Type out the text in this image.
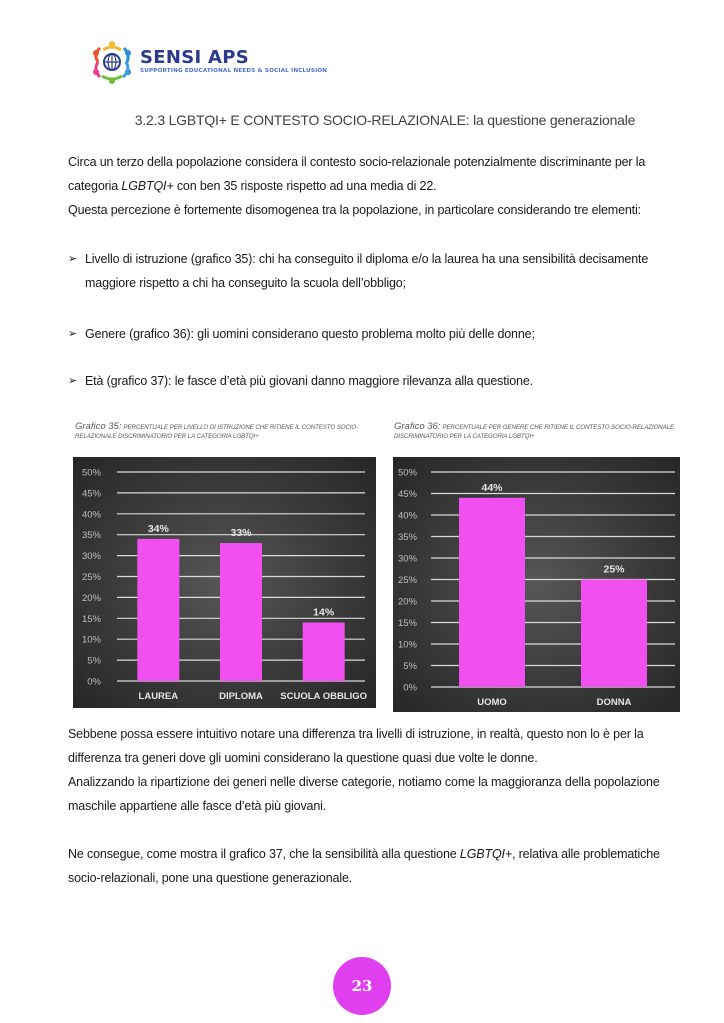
SENSI APS
SUPPORTING EDUCATIONAL NEEDS & SOCIAL INCLUSION
3.2.3 LGBTQI+ E CONTESTO SOCIO-RELAZIONALE: la questione generazionale
Circa un terzo della popolazione considera il contesto socio-relazionale potenzialmente discriminante per la categoria LGBTQI+ con ben 35 risposte rispetto ad una media di 22.
Questa percezione è fortemente disomogenea tra la popolazione, in particolare considerando tre elementi:
➢ Livello di istruzione (grafico 35): chi ha conseguito il diploma e/o la laurea ha una sensibilità decisamente maggiore rispetto a chi ha conseguito la scuola dell’obbligo;
➢ Genere (grafico 36): gli uomini considerano questo problema molto più delle donne;
➢ Età (grafico 37): le fasce d’età più giovani danno maggiore rilevanza alla questione.
Grafico 35: PERCENTUALE PER LIVELLO DI ISTRUZIONE CHE RITIENE IL CONTESTO SOCIO-RELAZIONALE DISCRIMINATORIO PER LA CATEGORIA LGBTQI+
Grafico 36: PERCENTUALE PER GENERE CHE RITIENE IL CONTESTO SOCIO-RELAZIONALE DISCRIMINATORIO PER LA CATEGORIA LGBTQI+
0%
5%
10%
15%
20%
25%
30%
35%
40%
45%
50%
34%
LAUREA
33%
DIPLOMA
14%
SCUOLA OBBLIGO
0%
5%
10%
15%
20%
25%
30%
35%
40%
45%
50%
44%
UOMO
25%
DONNA
Sebbene possa essere intuitivo notare una differenza tra livelli di istruzione, in realtà, questo non lo è per la differenza tra generi dove gli uomini considerano la questione quasi due volte le donne.
Analizzando la ripartizione dei generi nelle diverse categorie, notiamo come la maggioranza della popolazione maschile appartiene alle fasce d’età più giovani.
Ne consegue, come mostra il grafico 37, che la sensibilità alla questione LGBTQI+, relativa alle problematiche socio-relazionali, pone una questione generazionale.
23
